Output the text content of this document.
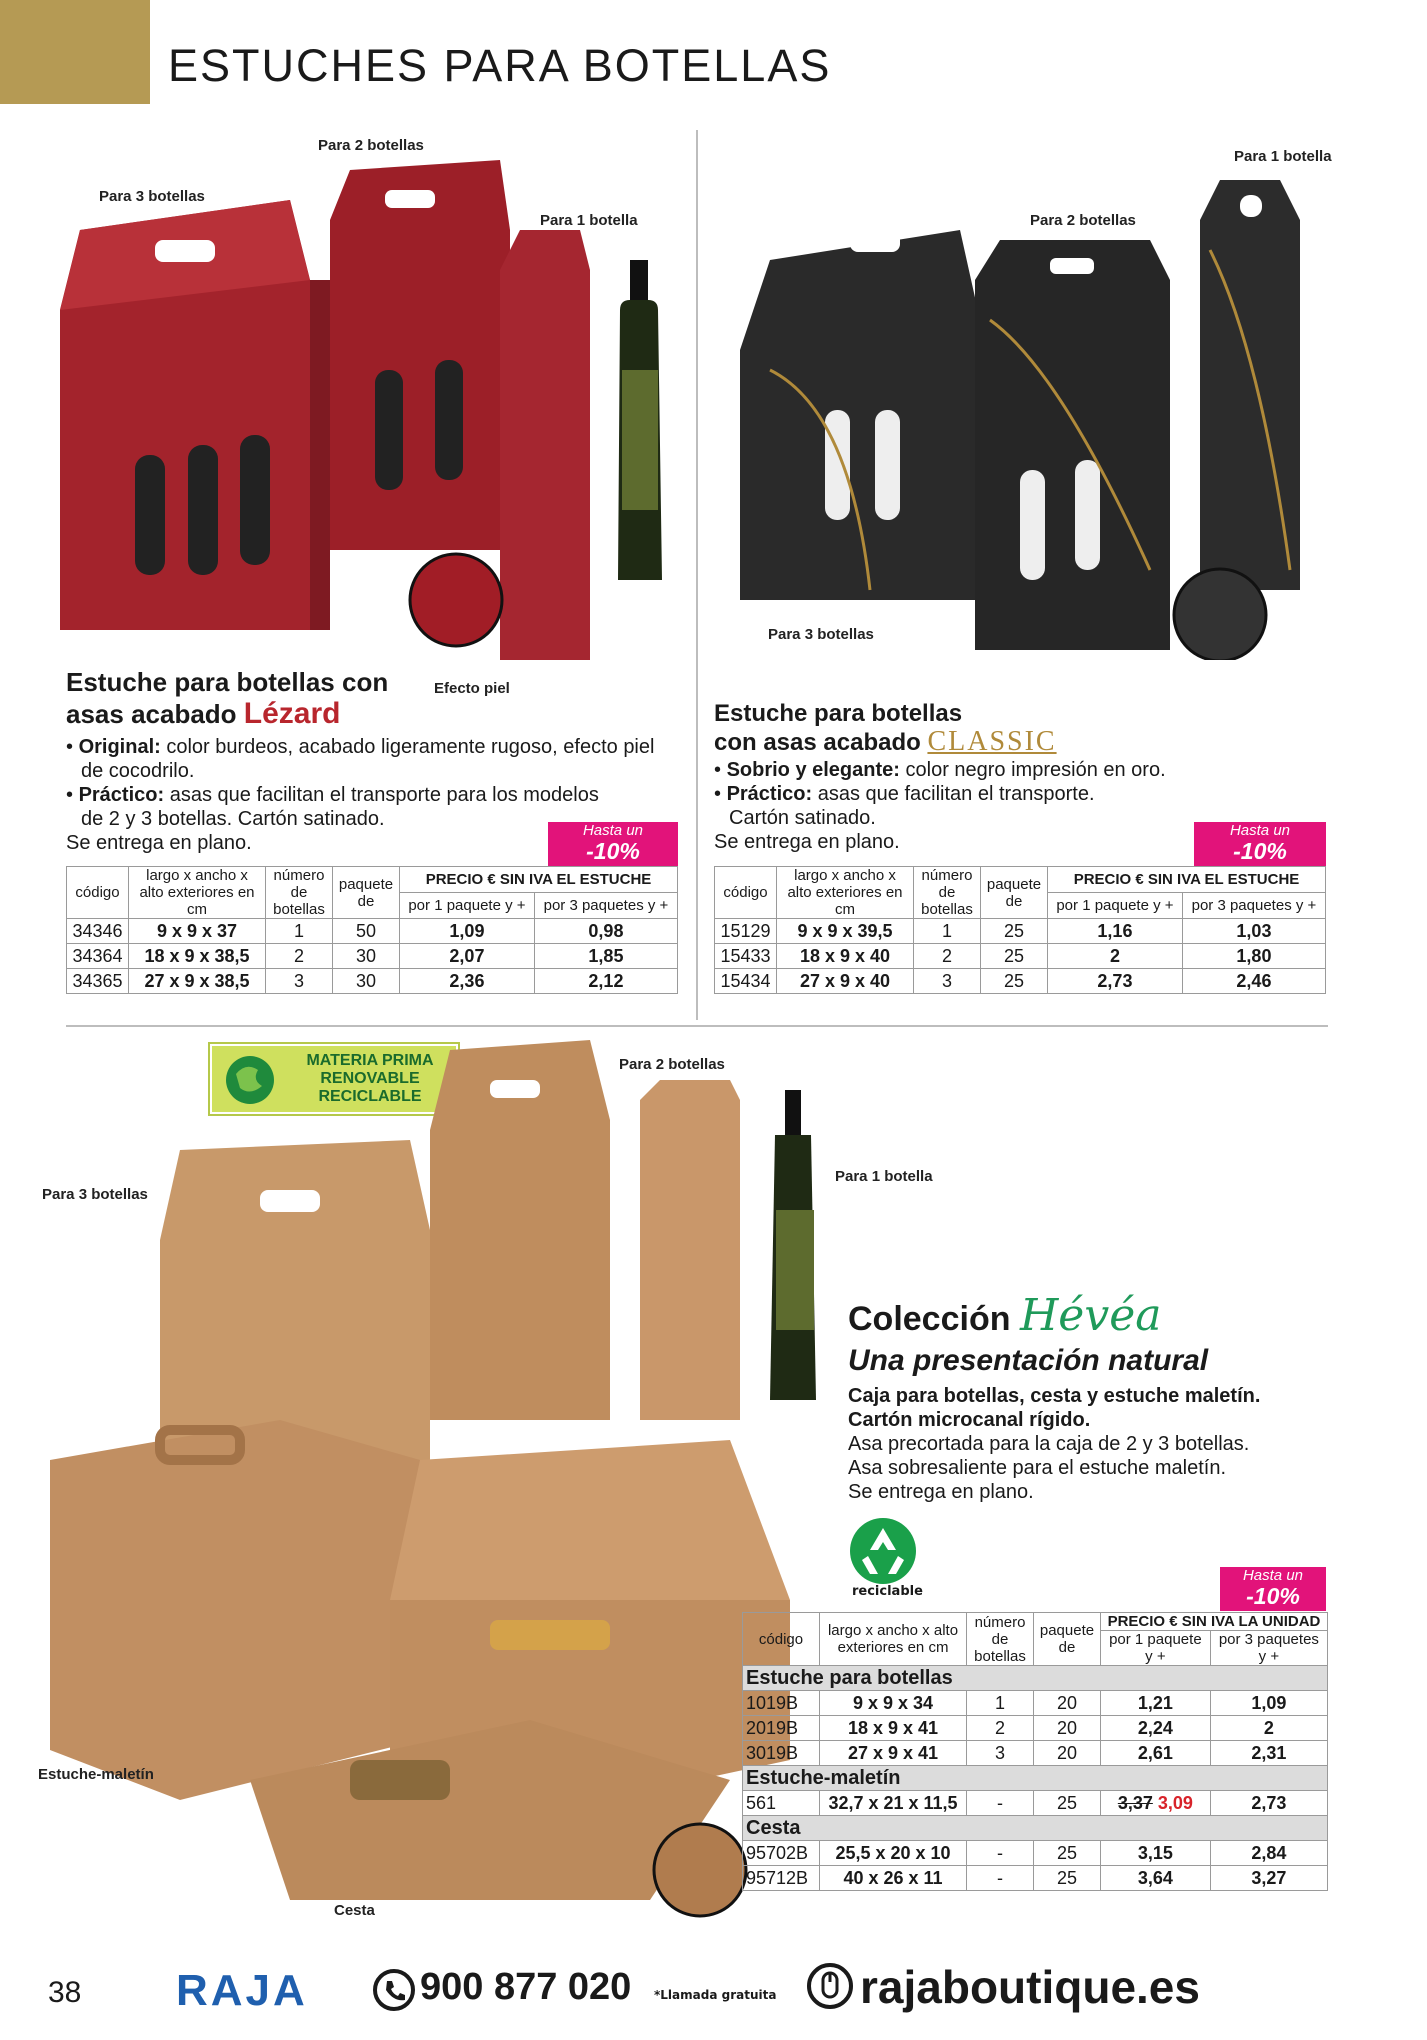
ESTUCHES PARA BOTELLAS
Para 3 botellas
Para 2 botellas
Para 1 botella
Efecto piel
Estuche para botellas con
asas acabado Lézard
• Original: color burdeos, acabado ligeramente rugoso, efecto piel
de cocodrilo.
• Práctico: asas que facilitan el transporte para los modelos
de 2 y 3 botellas. Cartón satinado.
Se entrega en plano.
Hasta un
-10%
código	largo x ancho x alto exteriores en cm	número de botellas	paquete de	PRECIO € SIN IVA EL ESTUCHE	
				por 1 paquete y +	por 3 paquetes y +
34346	9 x 9 x 37	1	50	1,09	0,98
34364	18 x 9 x 38,5	2	30	2,07	1,85
34365	27 x 9 x 38,5	3	30	2,36	2,12
Para 1 botella
Para 2 botellas
Para 3 botellas
Estuche para botellas
con asas acabado CLASSIC
• Sobrio y elegante: color negro impresión en oro.
• Práctico: asas que facilitan el transporte.
Cartón satinado.
Se entrega en plano.
Hasta un
-10%
código	largo x ancho x alto exteriores en cm	número de botellas	paquete de	PRECIO € SIN IVA EL ESTUCHE	
				por 1 paquete y +	por 3 paquetes y +
15129	9 x 9 x 39,5	1	25	1,16	1,03
15433	18 x 9 x 40	2	25	2	1,80
15434	27 x 9 x 40	3	25	2,73	2,46
MATERIA PRIMA
RENOVABLE
RECICLABLE
Para 2 botellas
Para 1 botella
Para 3 botellas
Estuche-maletín
Cesta
Colección Hévéa
Una presentación natural
Caja para botellas, cesta y estuche maletín.
Cartón microcanal rígido.
Asa precortada para la caja de 2 y 3 botellas.
Asa sobresaliente para el estuche maletín.
Se entrega en plano.
reciclable
Hasta un
-10%
código	largo x ancho x alto exteriores en cm	número de botellas	paquete de	PRECIO € SIN IVA LA UNIDAD	
				por 1 paquete y +	por 3 paquetes y +
Estuche para botellas					
1019B	9 x 9 x 34	1	20	1,21	1,09
2019B	18 x 9 x 41	2	20	2,24	2
3019B	27 x 9 x 41	3	20	2,61	2,31
Estuche-maletín					
561	32,7 x 21 x 11,5	-	25	3,37 3,09	2,73
Cesta					
95702B	25,5 x 20 x 10	-	25	3,15	2,84
95712B	40 x 26 x 11	-	25	3,64	3,27
38 RAJA	900 877 020 *Llamada gratuita rajaboutique.es
